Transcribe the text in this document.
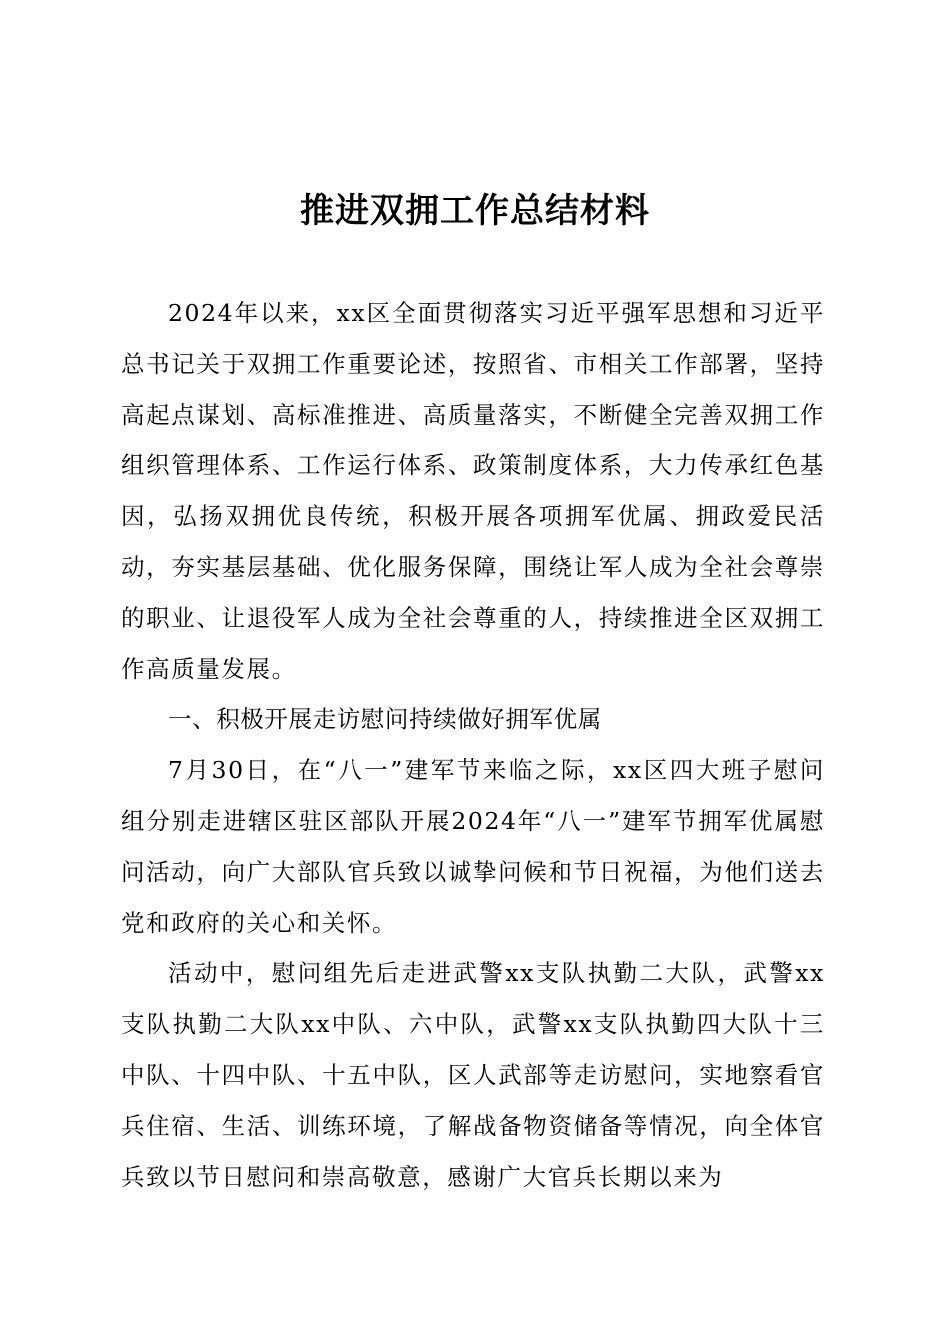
推进双拥工作总结材料

2024年以来，xx区全面贯彻落实习近平强军思想和习近平总书记关于双拥工作重要论述，按照省、市相关工作部署，坚持高起点谋划、高标准推进、高质量落实，不断健全完善双拥工作组织管理体系、工作运行体系、政策制度体系，大力传承红色基因，弘扬双拥优良传统，积极开展各项拥军优属、拥政爱民活动，夯实基层基础、优化服务保障，围绕让军人成为全社会尊崇的职业、让退役军人成为全社会尊重的人，持续推进全区双拥工作高质量发展。

一、积极开展走访慰问持续做好拥军优属

7月30日，在“八一”建军节来临之际，xx区四大班子慰问组分别走进辖区驻区部队开展2024年“八一”建军节拥军优属慰问活动，向广大部队官兵致以诚挚问候和节日祝福，为他们送去党和政府的关心和关怀。

活动中，慰问组先后走进武警xx支队执勤二大队，武警xx支队执勤二大队xx中队、六中队，武警xx支队执勤四大队十三中队、十四中队、十五中队，区人武部等走访慰问，实地察看官兵住宿、生活、训练环境，了解战备物资储备等情况，向全体官兵致以节日慰问和崇高敬意，感谢广大官兵长期以来为
